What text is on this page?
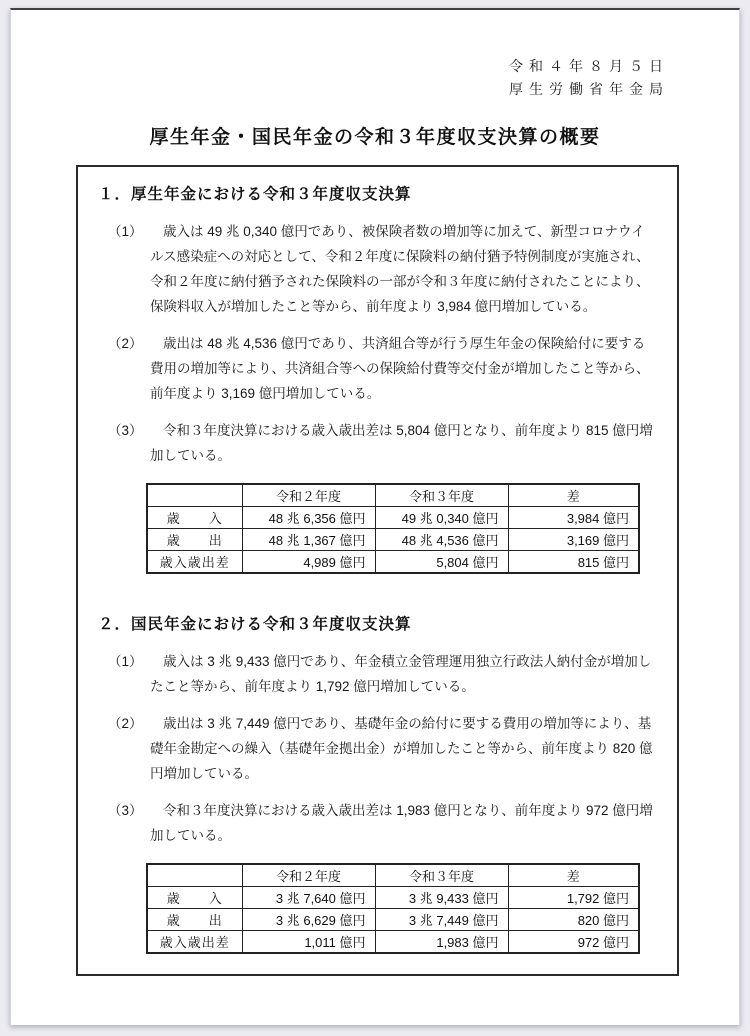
令和４年８月５日
厚生労働省年金局
厚生年金・国民年金の令和３年度収支決算の概要
１．厚生年金における令和３年度収支決算
（1）	歳入は 49 兆 0,340 億円であり、被保険者数の増加等に加えて、新型コロナウイルス感染症への対応として、令和２年度に保険料の納付猶予特例制度が実施され、令和２年度に納付猶予された保険料の一部が令和３年度に納付されたことにより、保険料収入が増加したこと等から、前年度より 3,984 億円増加している。
（2）	歳出は 48 兆 4,536 億円であり、共済組合等が行う厚生年金の保険給付に要する費用の増加等により、共済組合等への保険給付費等交付金が増加したこと等から、前年度より 3,169 億円増加している。
（3）	令和３年度決算における歳入歳出差は 5,804 億円となり、前年度より 815 億円増加している。
	令和２年度	令和３年度	差
歳　　入	48 兆 6,356 億円	49 兆 0,340 億円	3,984 億円
歳　　出	48 兆 1,367 億円	48 兆 4,536 億円	3,169 億円
歳入歳出差	4,989 億円	5,804 億円	815 億円
２．国民年金における令和３年度収支決算
（1）	歳入は 3 兆 9,433 億円であり、年金積立金管理運用独立行政法人納付金が増加したこと等から、前年度より 1,792 億円増加している。
（2）	歳出は 3 兆 7,449 億円であり、基礎年金の給付に要する費用の増加等により、基礎年金勘定への繰入（基礎年金拠出金）が増加したこと等から、前年度より 820 億円増加している。
（3）	令和３年度決算における歳入歳出差は 1,983 億円となり、前年度より 972 億円増加している。
	令和２年度	令和３年度	差
歳　　入	3 兆 7,640 億円	3 兆 9,433 億円	1,792 億円
歳　　出	3 兆 6,629 億円	3 兆 7,449 億円	820 億円
歳入歳出差	1,011 億円	1,983 億円	972 億円
